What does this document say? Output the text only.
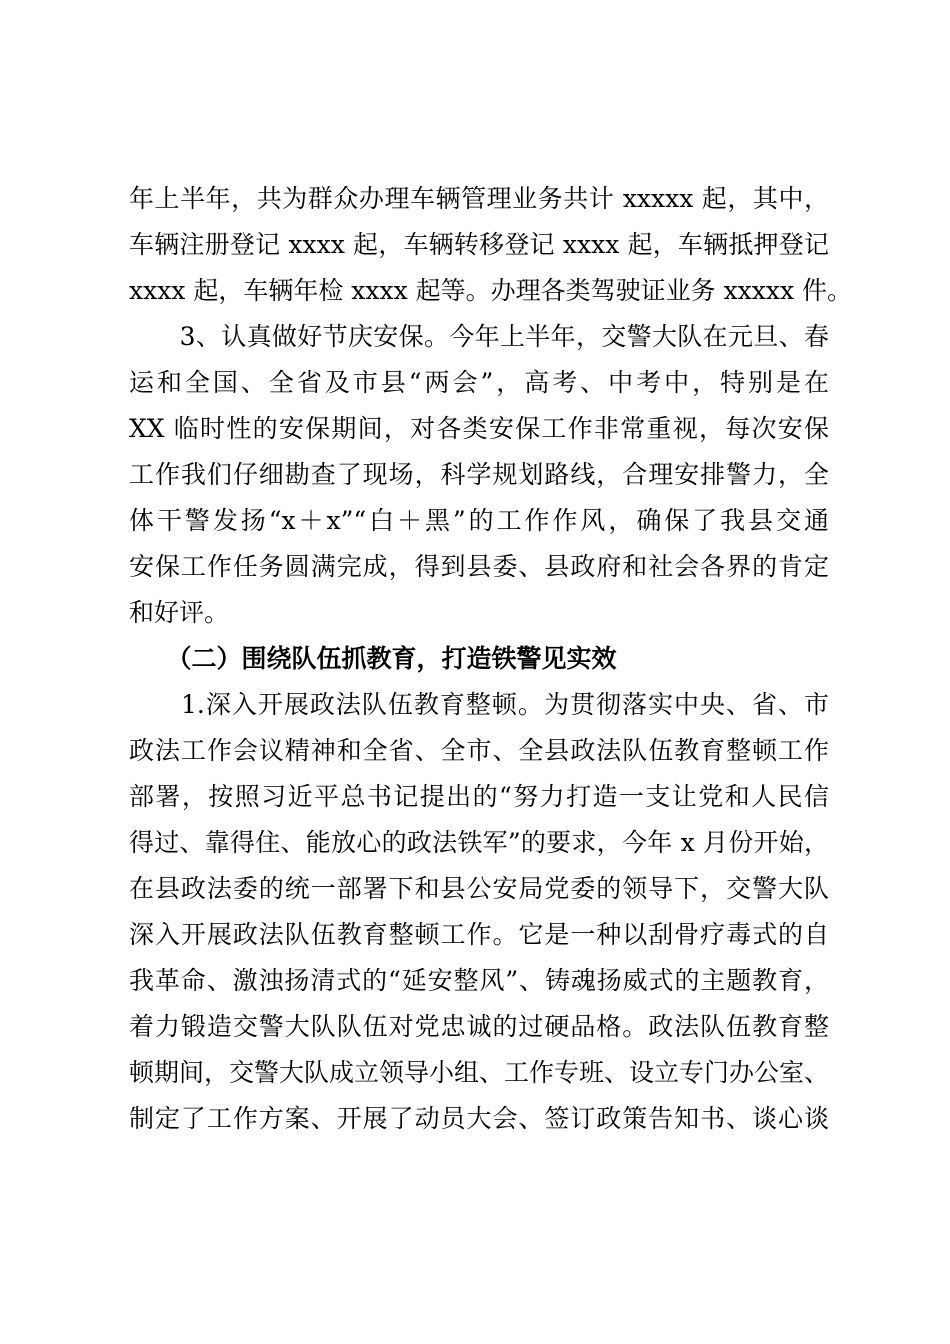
年上半年，共为群众办理车辆管理业务共计 xxxxx 起，其中，
车辆注册登记 xxxx 起，车辆转移登记 xxxx 起，车辆抵押登记
xxxx 起，车辆年检 xxxx 起等。办理各类驾驶证业务 xxxxx 件。
　　3、认真做好节庆安保。今年上半年，交警大队在元旦、春
运和全国、全省及市县“两会”，高考、中考中，特别是在
XX 临时性的安保期间，对各类安保工作非常重视，每次安保
工作我们仔细勘查了现场，科学规划路线，合理安排警力，全
体干警发扬“x＋x”“白＋黑”的工作作风，确保了我县交通
安保工作任务圆满完成，得到县委、县政府和社会各界的肯定
和好评。
　　（二）围绕队伍抓教育，打造铁警见实效
　　1.深入开展政法队伍教育整顿。为贯彻落实中央、省、市
政法工作会议精神和全省、全市、全县政法队伍教育整顿工作
部署，按照习近平总书记提出的“努力打造一支让党和人民信
得过、靠得住、能放心的政法铁军”的要求，今年 x 月份开始，
在县政法委的统一部署下和县公安局党委的领导下，交警大队
深入开展政法队伍教育整顿工作。它是一种以刮骨疗毒式的自
我革命、激浊扬清式的“延安整风”、铸魂扬威式的主题教育，
着力锻造交警大队队伍对党忠诚的过硬品格。政法队伍教育整
顿期间，交警大队成立领导小组、工作专班、设立专门办公室、
制定了工作方案、开展了动员大会、签订政策告知书、谈心谈
